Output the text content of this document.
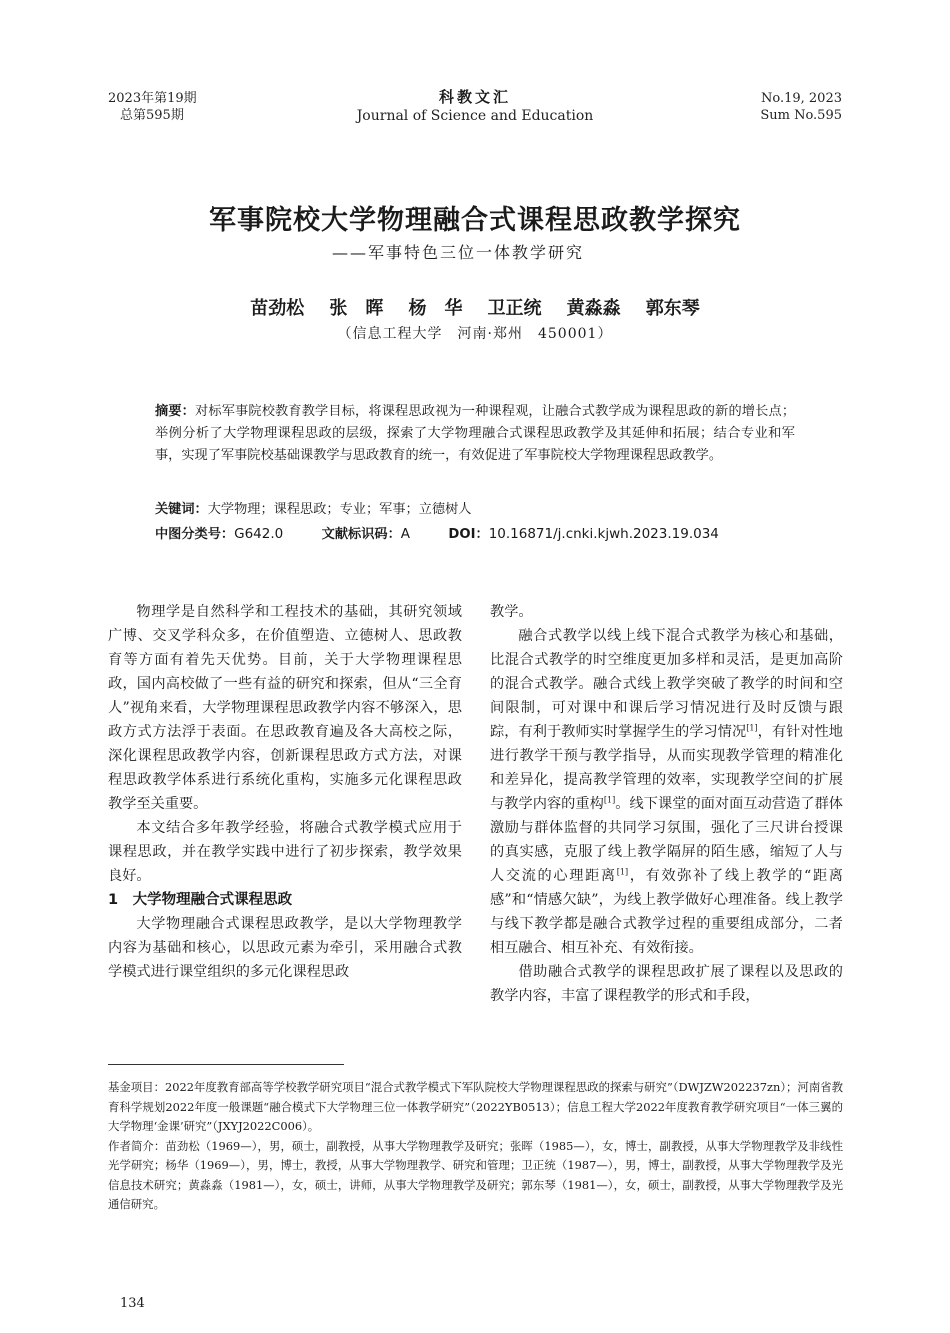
2023年第19期
总第595期
科教文汇
Journal of Science and Education
No.19, 2023
Sum No.595
军事院校大学物理融合式课程思政教学探究
——军事特色三位一体教学研究
苗劲松 张　晖 杨　华 卫正统 黄淼淼 郭东琴
（信息工程大学　河南·郑州　450001）
摘要：对标军事院校教育教学目标，将课程思政视为一种课程观，让融合式教学成为课程思政的新的增长点；举例分析了大学物理课程思政的层级，探索了大学物理融合式课程思政教学及其延伸和拓展；结合专业和军事，实现了军事院校基础课教学与思政教育的统一，有效促进了军事院校大学物理课程思政教学。
关键词：大学物理；课程思政；专业；军事；立德树人
中图分类号：G642.0	文献标识码：A	DOI：10.16871/j.cnki.kjwh.2023.19.034

物理学是自然科学和工程技术的基础，其研究领域广博、交叉学科众多，在价值塑造、立德树人、思政教育等方面有着先天优势。目前，关于大学物理课程思政，国内高校做了一些有益的研究和探索，但从“三全育人”视角来看，大学物理课程思政教学内容不够深入，思政方式方法浮于表面。在思政教育遍及各大高校之际，深化课程思政教学内容，创新课程思政方式方法，对课程思政教学体系进行系统化重构，实施多元化课程思政教学至关重要。

本文结合多年教学经验，将融合式教学模式应用于课程思政，并在教学实践中进行了初步探索，教学效果良好。

1　大学物理融合式课程思政

大学物理融合式课程思政教学，是以大学物理教学内容为基础和核心，以思政元素为牵引，采用融合式教学模式进行课堂组织的多元化课程思政

教学。

融合式教学以线上线下混合式教学为核心和基础，比混合式教学的时空维度更加多样和灵活，是更加高阶的混合式教学。融合式线上教学突破了教学的时间和空间限制，可对课中和课后学习情况进行及时反馈与跟踪，有利于教师实时掌握学生的学习情况[1]，有针对性地进行教学干预与教学指导，从而实现教学管理的精准化和差异化，提高教学管理的效率，实现教学空间的扩展与教学内容的重构[1]。线下课堂的面对面互动营造了群体激励与群体监督的共同学习氛围，强化了三尺讲台授课的真实感，克服了线上教学隔屏的陌生感，缩短了人与人交流的心理距离[1]，有效弥补了线上教学的“距离感”和“情感欠缺”，为线上教学做好心理准备。线上教学与线下教学都是融合式教学过程的重要组成部分，二者相互融合、相互补充、有效衔接。

借助融合式教学的课程思政扩展了课程以及思政的教学内容，丰富了课程教学的形式和手段，

基金项目：2022年度教育部高等学校教学研究项目“混合式教学模式下军队院校大学物理课程思政的探索与研究”（DWJZW202237zn）；河南省教育科学规划2022年度一般课题“融合模式下大学物理三位一体教学研究”（2022YB0513）；信息工程大学2022年度教育教学研究项目“一体三翼的大学物理‘金课’研究”（JXYJ2022C006）。
作者简介：苗劲松（1969—），男，硕士，副教授，从事大学物理教学及研究；张晖（1985—），女，博士，副教授，从事大学物理教学及非线性光学研究；杨华（1969—），男，博士，教授，从事大学物理教学、研究和管理；卫正统（1987—），男，博士，副教授，从事大学物理教学及光信息技术研究；黄淼淼（1981—），女，硕士，讲师，从事大学物理教学及研究；郭东琴（1981—），女，硕士，副教授，从事大学物理教学及光通信研究。
134
